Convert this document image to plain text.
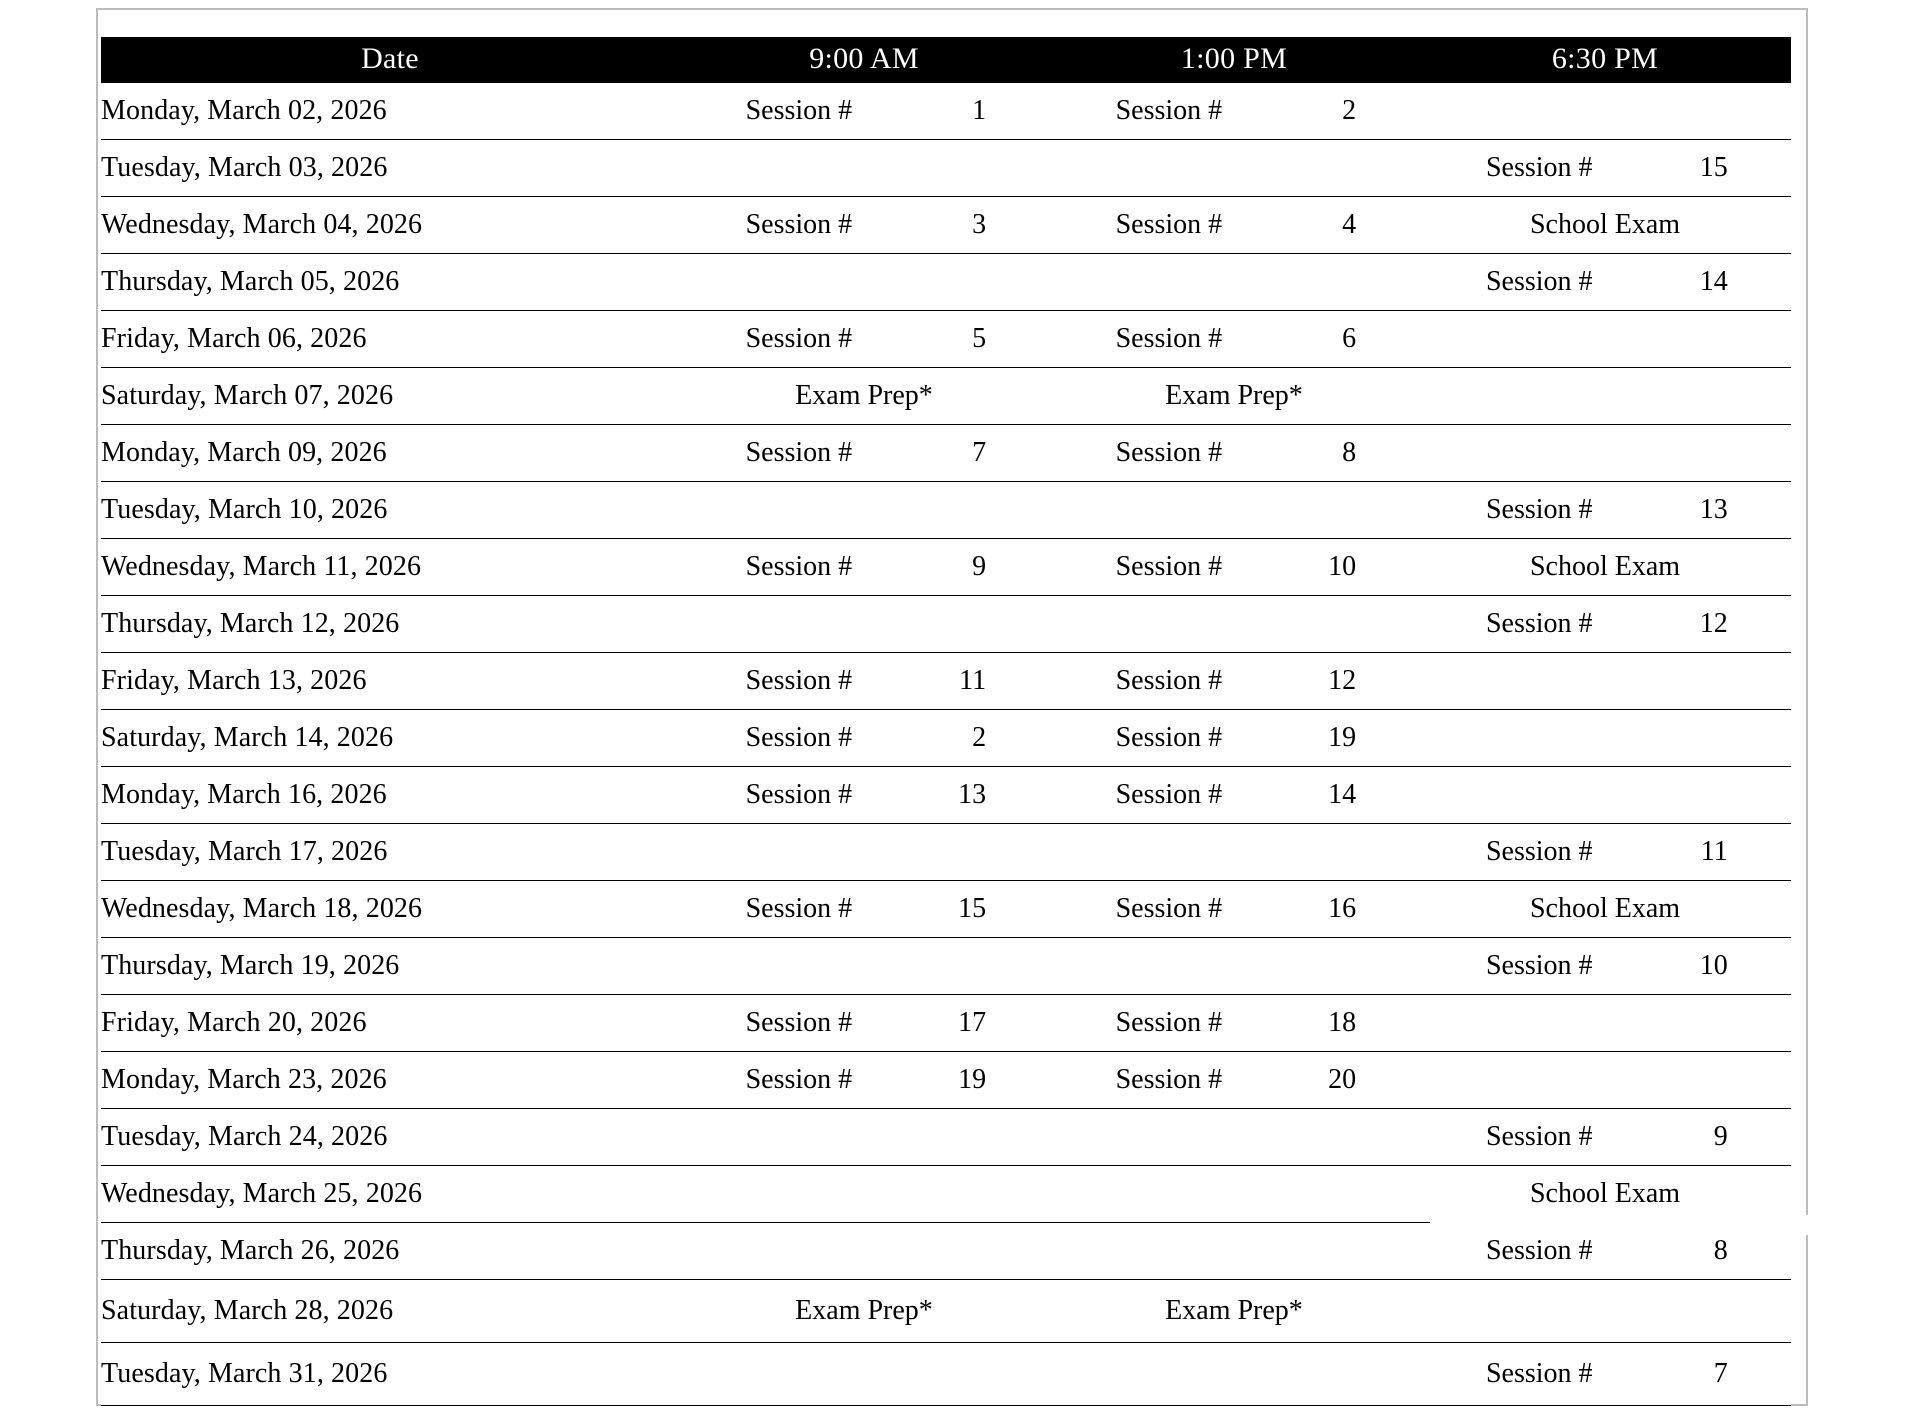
Date	9:00 AM	1:00 PM	6:30 PM
Monday, March 02, 2026	Session # 1	Session # 2	

Tuesday, March 03, 2026			Session # 15

Wednesday, March 04, 2026	Session # 3	Session # 4	School Exam

Thursday, March 05, 2026			Session # 14

Friday, March 06, 2026	Session # 5	Session # 6	

Saturday, March 07, 2026	Exam Prep*	Exam Prep*	

Monday, March 09, 2026	Session # 7	Session # 8	

Tuesday, March 10, 2026			Session # 13

Wednesday, March 11, 2026	Session # 9	Session # 10	School Exam

Thursday, March 12, 2026			Session # 12

Friday, March 13, 2026	Session # 11	Session # 12	

Saturday, March 14, 2026	Session # 2	Session # 19	

Monday, March 16, 2026	Session # 13	Session # 14	

Tuesday, March 17, 2026			Session # 11

Wednesday, March 18, 2026	Session # 15	Session # 16	School Exam

Thursday, March 19, 2026			Session # 10

Friday, March 20, 2026	Session # 17	Session # 18	

Monday, March 23, 2026	Session # 19	Session # 20	

Tuesday, March 24, 2026			Session # 9

Wednesday, March 25, 2026			School Exam

Thursday, March 26, 2026			Session # 8

Saturday, March 28, 2026	Exam Prep*	Exam Prep*	

Tuesday, March 31, 2026			Session # 7
